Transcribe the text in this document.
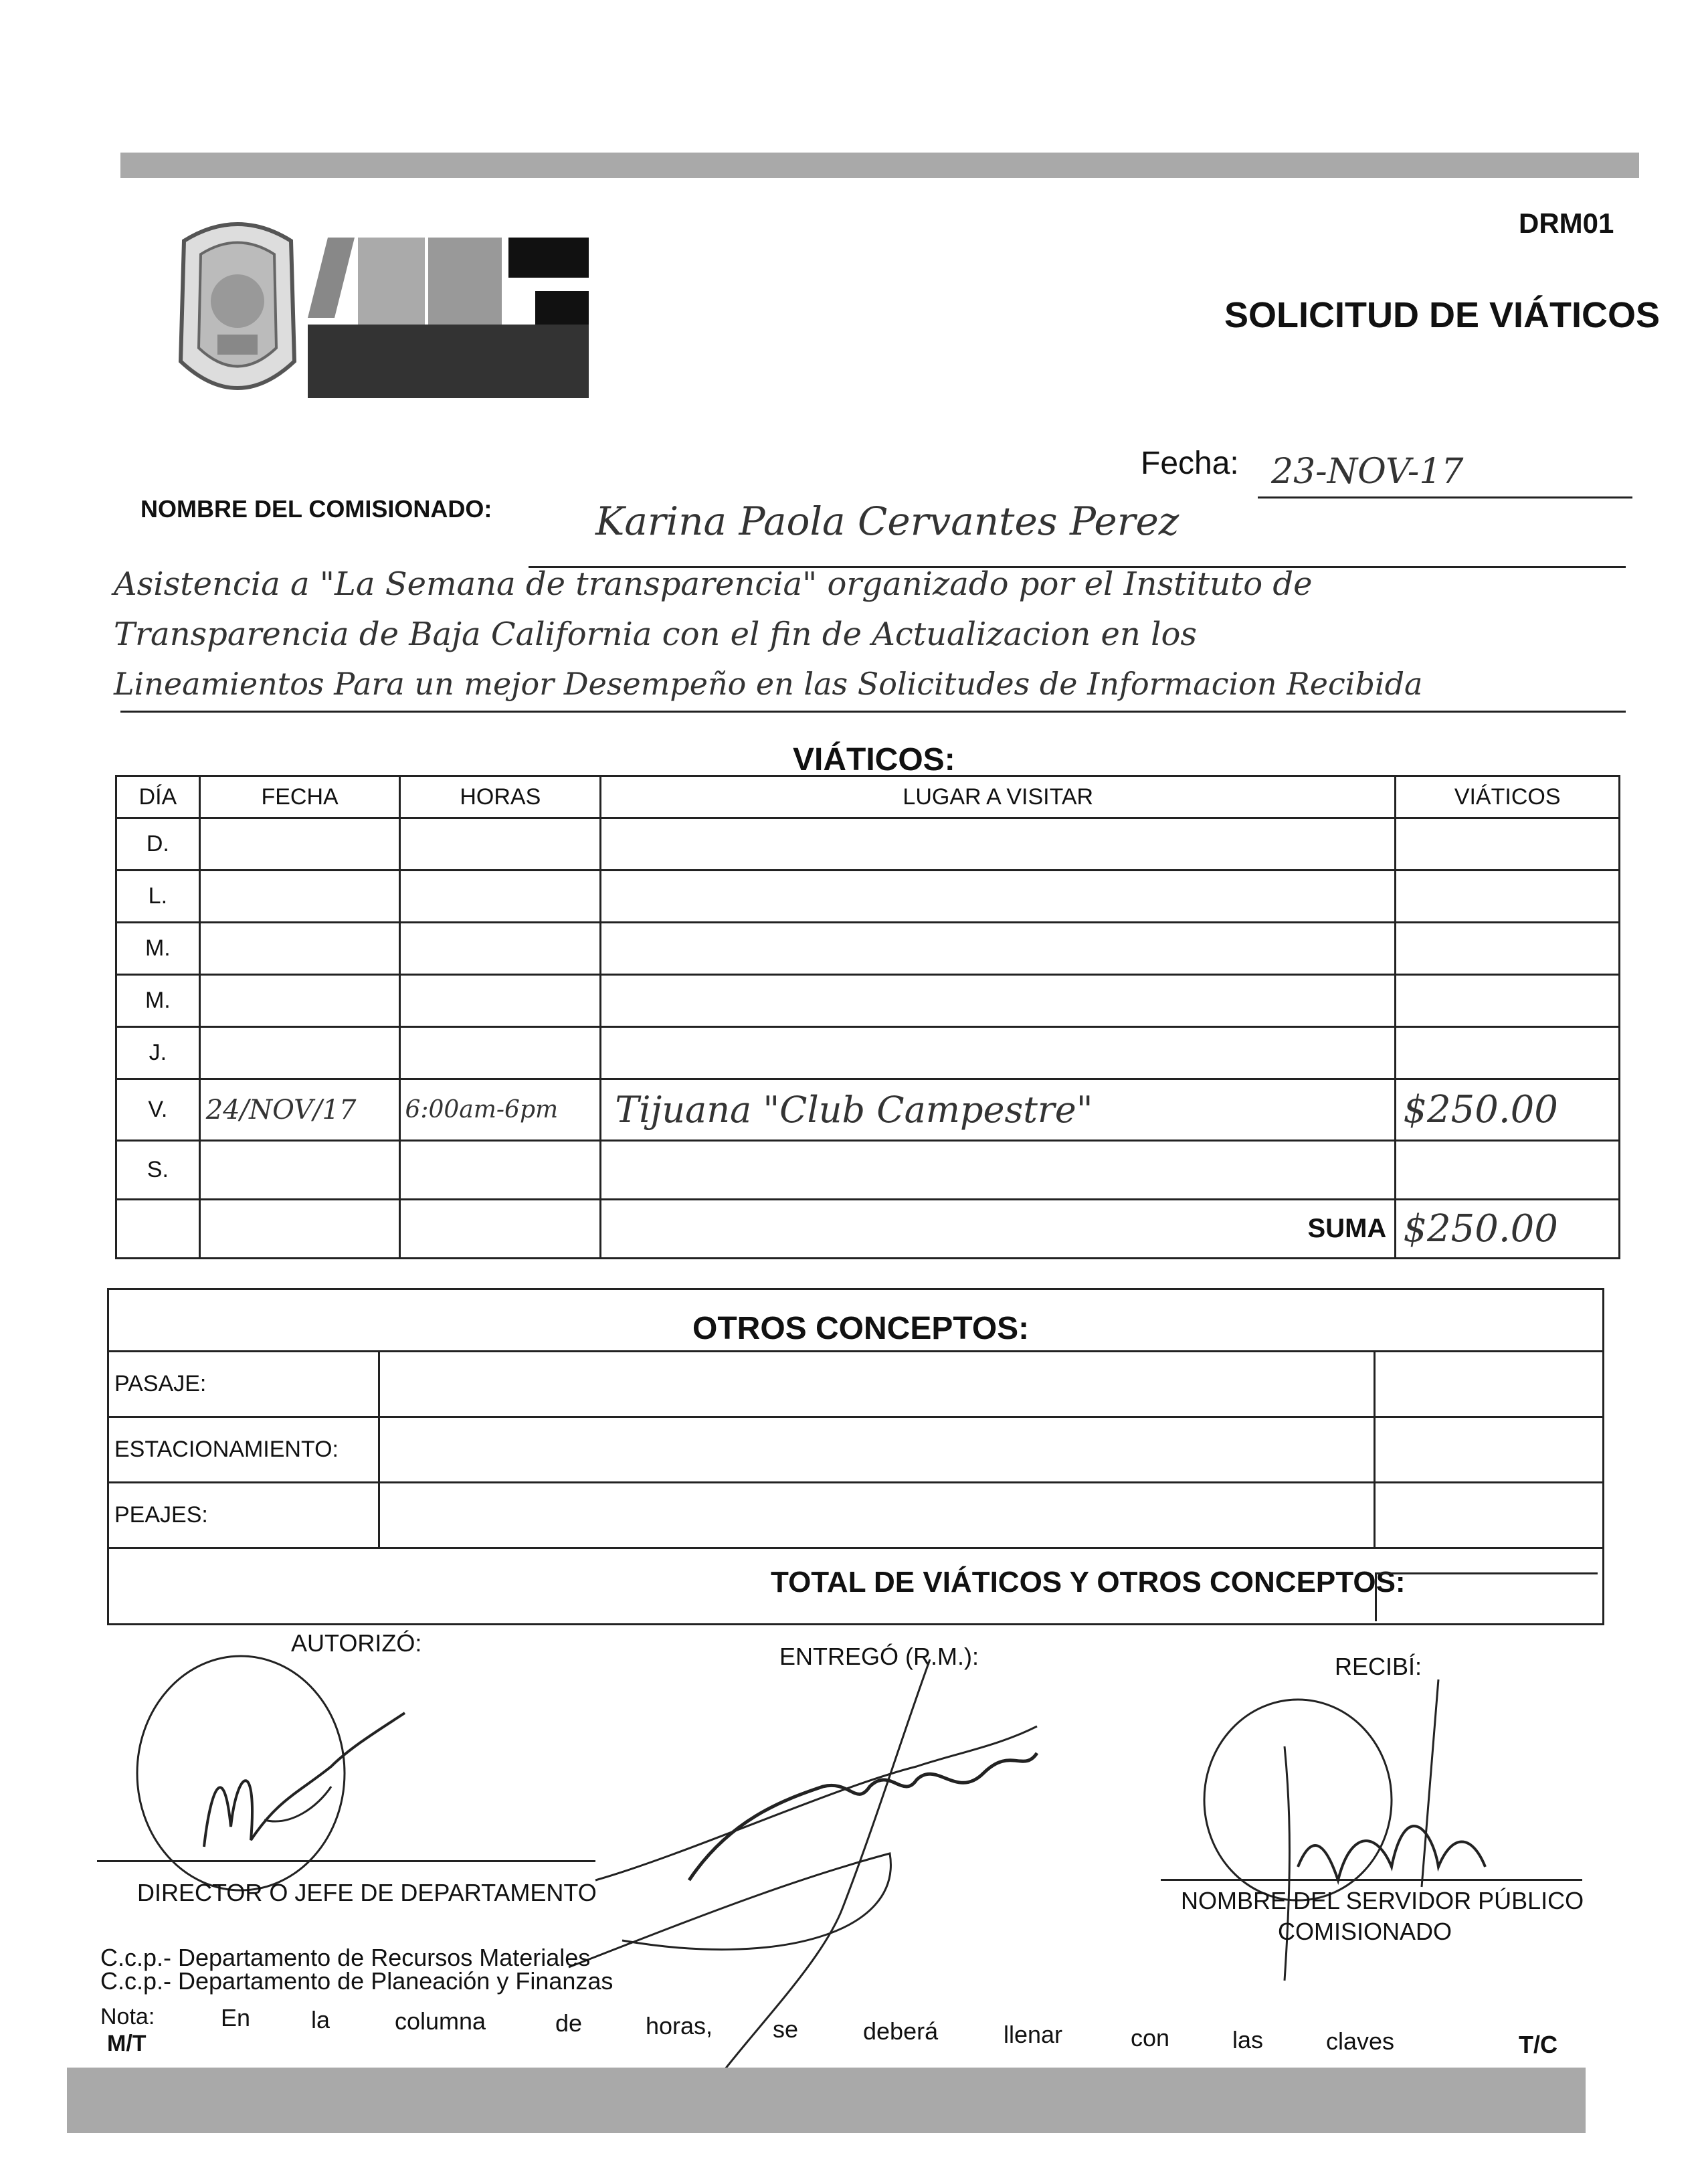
DRM01
SOLICITUD DE VIÁTICOS
Fecha: 23-NOV-17
NOMBRE DEL COMISIONADO:	Karina Paola Cervantes Perez
Asistencia a "La Semana de transparencia" organizado por el Instituto de
Transparencia de Baja California con el fin de Actualizacion en los
Lineamientos Para un mejor Desempeño en las Solicitudes de Informacion Recibida
VIÁTICOS:
DÍA	FECHA	HORAS	LUGAR A VISITAR	VIÁTICOS
D.				
L.				
M.				
M.				
J.				
V.	24/NOV/17	6:00am-6pm	Tijuana "Club Campestre"	$250.00
S.				
			SUMA	$250.00
OTROS CONCEPTOS:
PASAJE:		
ESTACIONAMIENTO:		
PEAJES:		
TOTAL DE VIÁTICOS Y OTROS CONCEPTOS:
AUTORIZÓ:	ENTREGÓ (R.M.):	RECIBÍ:
DIRECTOR O JEFE DE DEPARTAMENTO	NOMBRE DEL SERVIDOR PÚBLICO
COMISIONADO
C.c.p.- Departamento de Recursos Materiales
C.c.p.- Departamento de Planeación y Finanzas
Nota:	En	la	columna	de	horas, se	deberá	llenar	con	las	claves
M/T	T/C
